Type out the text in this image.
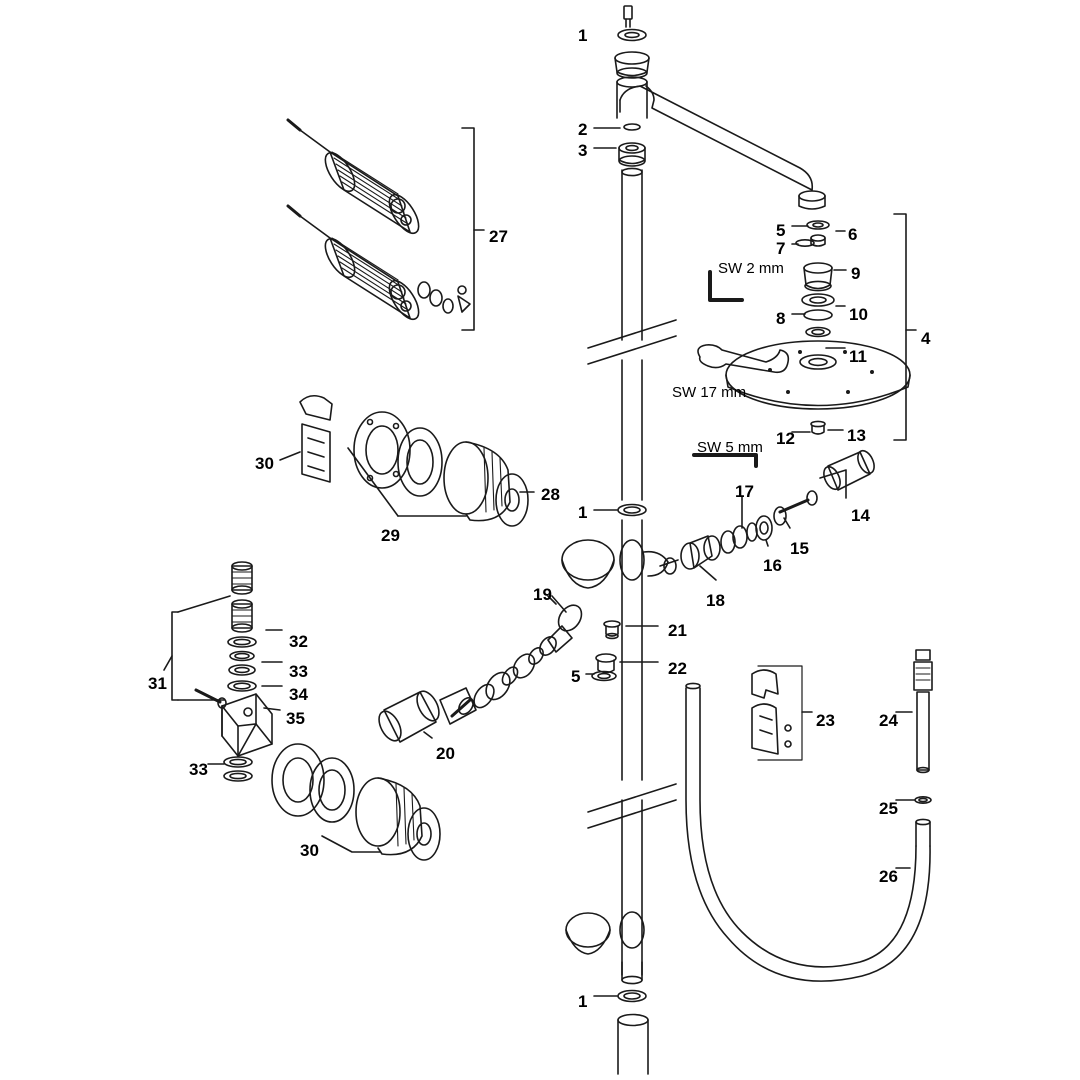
1
2
3
27	5	6
7
9
8	10
4
11
12	13
30
28
29
1
17
14
15
16
18
19
21
32
33
31
34
5	22
35	23	24
20
33
25
30
26
1
SW 2 mm
SW 17 mm
SW 5 mm
